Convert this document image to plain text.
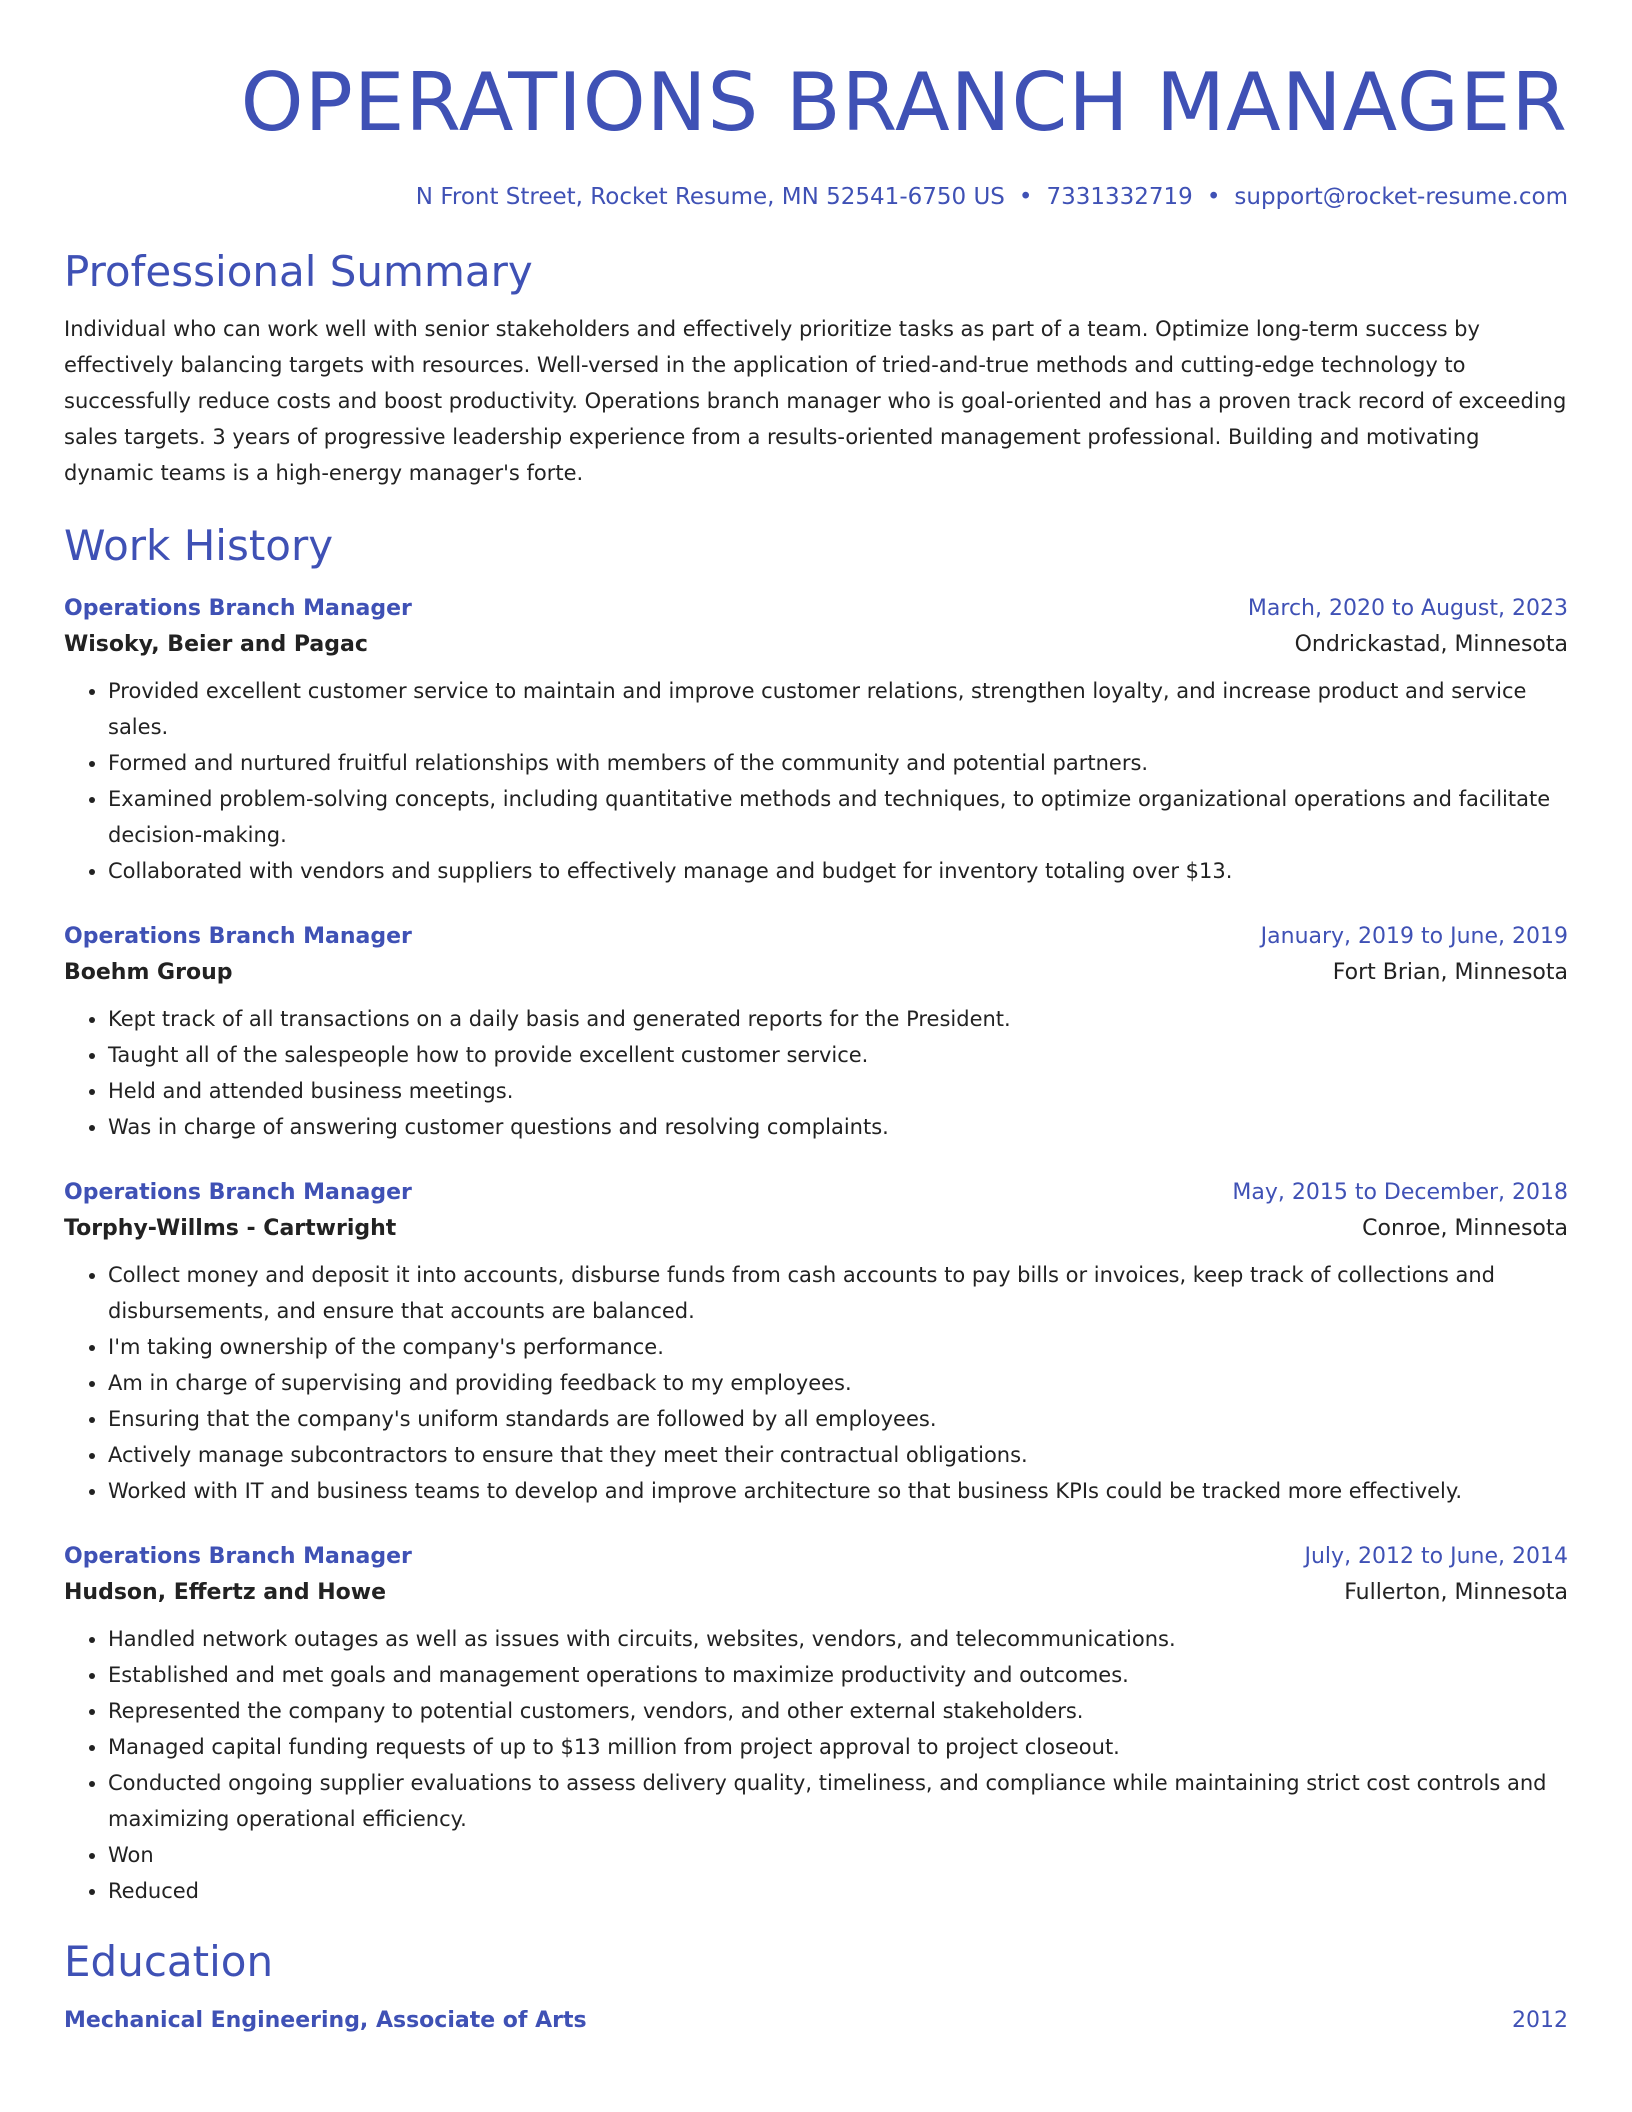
OPERATIONS BRANCH MANAGER
N Front Street, Rocket Resume, MN 52541-6750 US • 7331332719 • support@rocket-resume.com
Professional Summary
Individual who can work well with senior stakeholders and effectively prioritize tasks as part of a team. Optimize long-term success by effectively balancing targets with resources. Well-versed in the application of tried-and-true methods and cutting-edge technology to successfully reduce costs and boost productivity. Operations branch manager who is goal-oriented and has a proven track record of exceeding sales targets. 3 years of progressive leadership experience from a results-oriented management professional. Building and motivating dynamic teams is a high-energy manager's forte.
Work History
Operations Branch Manager	March, 2020 to August, 2023
Wisoky, Beier and Pagac	Ondrickastad, Minnesota
• Provided excellent customer service to maintain and improve customer relations, strengthen loyalty, and increase product and service sales.
• Formed and nurtured fruitful relationships with members of the community and potential partners.
• Examined problem-solving concepts, including quantitative methods and techniques, to optimize organizational operations and facilitate decision-making.
• Collaborated with vendors and suppliers to effectively manage and budget for inventory totaling over $13.
Operations Branch Manager	January, 2019 to June, 2019
Boehm Group	Fort Brian, Minnesota
• Kept track of all transactions on a daily basis and generated reports for the President.
• Taught all of the salespeople how to provide excellent customer service.
• Held and attended business meetings.
• Was in charge of answering customer questions and resolving complaints.
Operations Branch Manager	May, 2015 to December, 2018
Torphy-Willms - Cartwright	Conroe, Minnesota
• Collect money and deposit it into accounts, disburse funds from cash accounts to pay bills or invoices, keep track of collections and disbursements, and ensure that accounts are balanced.
• I'm taking ownership of the company's performance.
• Am in charge of supervising and providing feedback to my employees.
• Ensuring that the company's uniform standards are followed by all employees.
• Actively manage subcontractors to ensure that they meet their contractual obligations.
• Worked with IT and business teams to develop and improve architecture so that business KPIs could be tracked more effectively.
Operations Branch Manager	July, 2012 to June, 2014
Hudson, Effertz and Howe	Fullerton, Minnesota
• Handled network outages as well as issues with circuits, websites, vendors, and telecommunications.
• Established and met goals and management operations to maximize productivity and outcomes.
• Represented the company to potential customers, vendors, and other external stakeholders.
• Managed capital funding requests of up to $13 million from project approval to project closeout.
• Conducted ongoing supplier evaluations to assess delivery quality, timeliness, and compliance while maintaining strict cost controls and maximizing operational efficiency.
• Won
• Reduced
Education
Mechanical Engineering, Associate of Arts	2012
